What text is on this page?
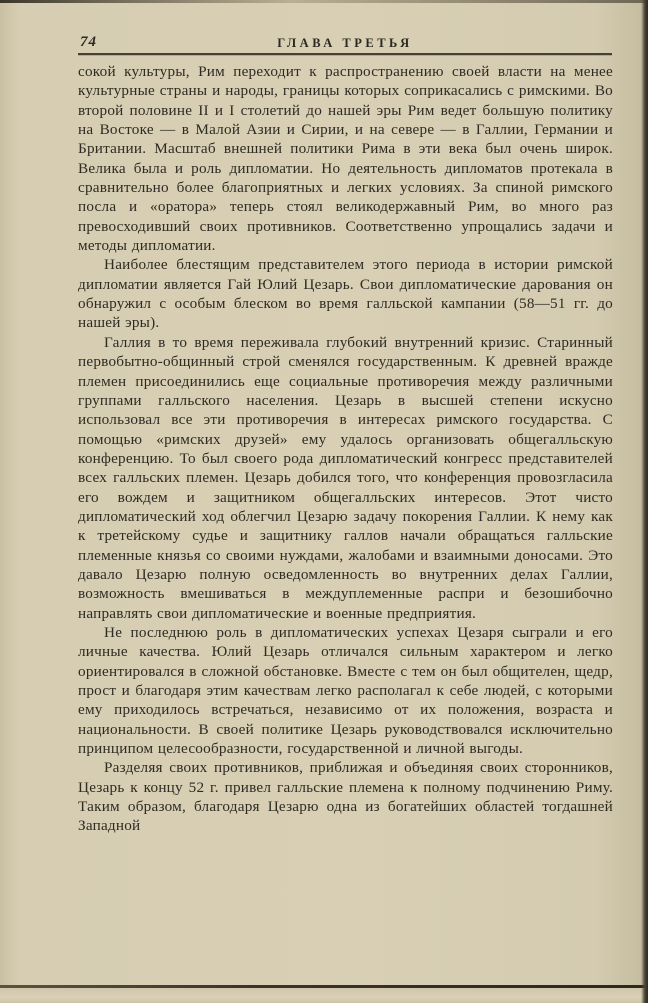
74	ГЛАВА ТРЕТЬЯ

сокой культуры, Рим переходит к распространению своей власти на менее культурные страны и народы, границы которых соприкасались с римскими. Во второй половине II и I столетий до нашей эры Рим ведет большую политику на Востоке — в Малой Азии и Сирии, и на севере — в Галлии, Германии и Британии. Масштаб внешней политики Рима в эти века был очень широк. Велика была и роль дипломатии. Но деятельность дипломатов протекала в сравнительно более благоприятных и легких условиях. За спиной римского посла и «оратора» теперь стоял великодержавный Рим, во много раз превосходивший своих противников. Соответственно упрощались задачи и методы дипломатии.

Наиболее блестящим представителем этого периода в истории римской дипломатии является Гай Юлий Цезарь. Свои дипломатические дарования он обнаружил с особым блеском во время галльской кампании (58—51 гг. до нашей эры).

Галлия в то время переживала глубокий внутренний кризис. Старинный первобытно-общинный строй сменялся государственным. К древней вражде племен присоединились еще социальные противоречия между различными группами галльского населения. Цезарь в высшей степени искусно использовал все эти противоречия в интересах римского государства. С помощью «римских друзей» ему удалось организовать общегалльскую конференцию. То был своего рода дипломатический конгресс представителей всех галльских племен. Цезарь добился того, что конференция провозгласила его вождем и защитником общегалльских интересов. Этот чисто дипломатический ход облегчил Цезарю задачу покорения Галлии. К нему как к третейскому судье и защитнику галлов начали обращаться галльские племенные князья со своими нуждами, жалобами и взаимными доносами. Это давало Цезарю полную осведомленность во внутренних делах Галлии, возможность вмешиваться в междуплеменные распри и безошибочно направлять свои дипломатические и военные предприятия.

Не последнюю роль в дипломатических успехах Цезаря сыграли и его личные качества. Юлий Цезарь отличался сильным характером и легко ориентировался в сложной обстановке. Вместе с тем он был общителен, щедр, прост и благодаря этим качествам легко располагал к себе людей, с которыми ему приходилось встречаться, независимо от их положения, возраста и национальности. В своей политике Цезарь руководствовался исключительно принципом целесообразности, государственной и личной выгоды.

Разделяя своих противников, приближая и объединяя своих сторонников, Цезарь к концу 52 г. привел галльские племена к полному подчинению Риму. Таким образом, благодаря Цезарю одна из богатейших областей тогдашней Западной
